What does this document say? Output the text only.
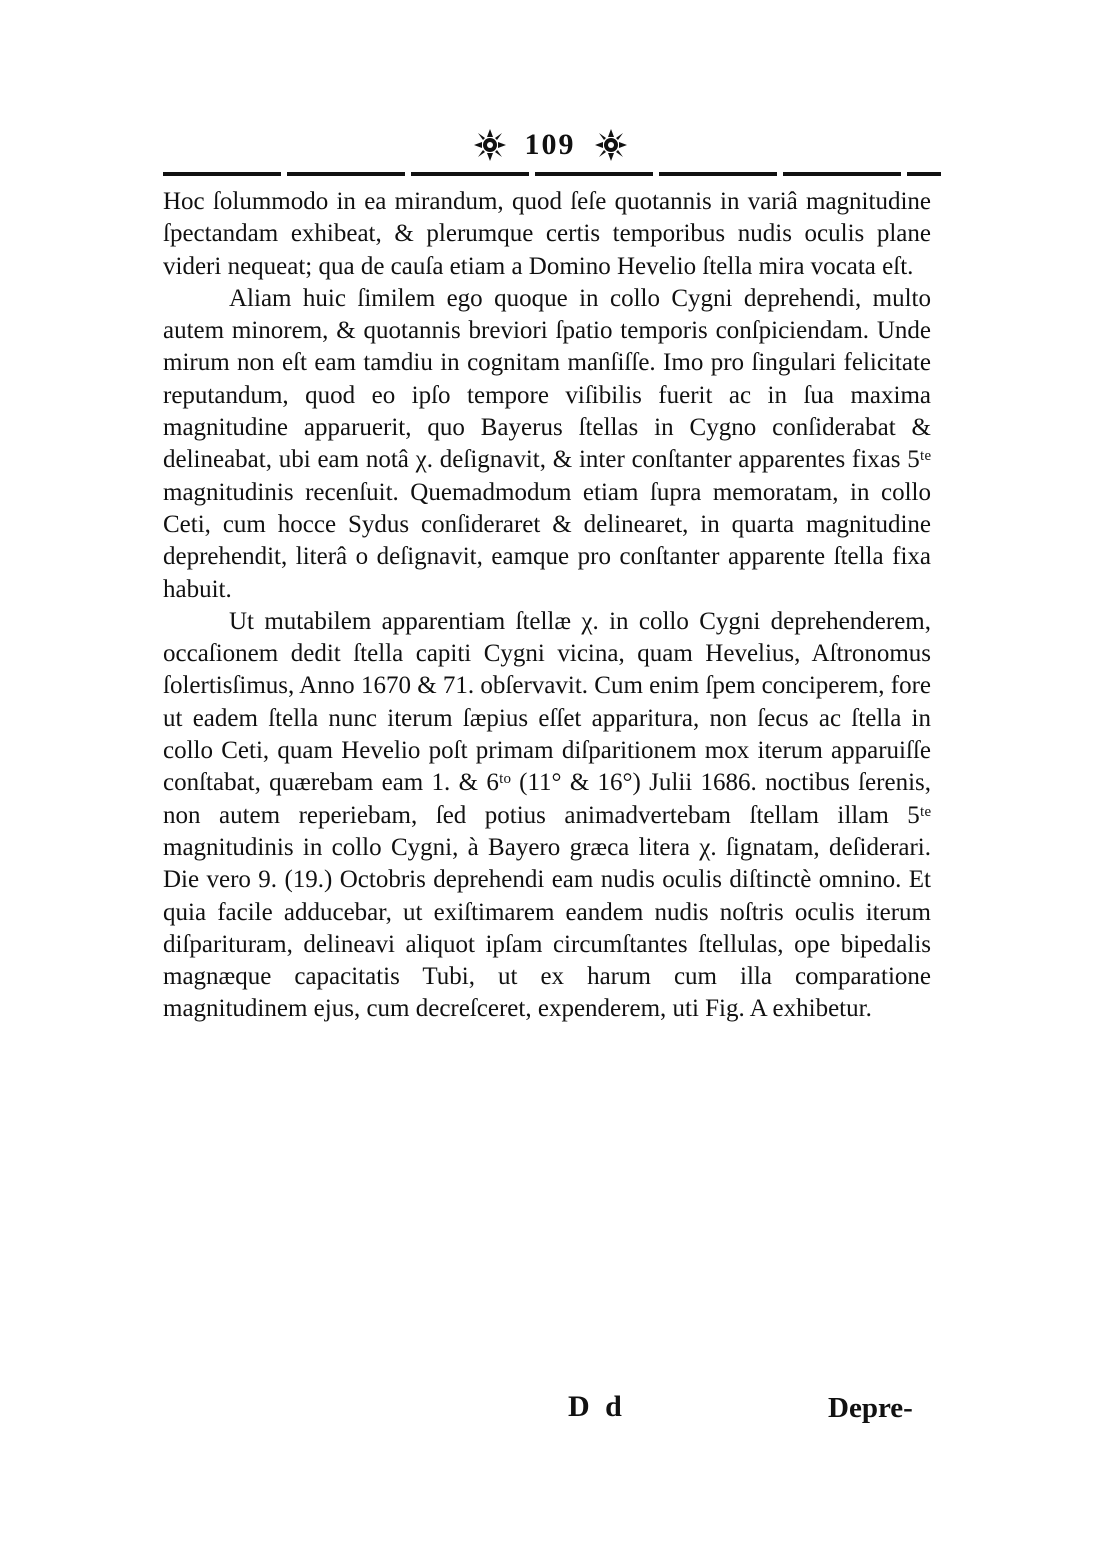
109

Hoc ſolummodo in ea mirandum, quod ſeſe quotannis in variâ magnitudine ſpectandam exhibeat, & plerumque certis temporibus nudis oculis plane videri nequeat; qua de cauſa etiam a Domino Hevelio ſtella mira vocata eſt.

Aliam huic ſimilem ego quoque in collo Cygni deprehendi, multo autem minorem, & quotannis breviori ſpatio temporis conſpiciendam. Unde mirum non eſt eam tamdiu in cognitam manſiſſe. Imo pro ſingulari felicitate reputandum, quod eo ipſo tempore viſibilis fuerit ac in ſua maxima magnitudine apparuerit, quo Bayerus ſtellas in Cygno conſiderabat & delineabat, ubi eam notâ χ. deſignavit, & inter conſtanter apparentes fixas 5ᵗᵉ magnitudinis recenſuit. Quemadmodum etiam ſupra memoratam, in collo Ceti, cum hocce Sydus conſideraret & delinearet, in quarta magnitudine deprehendit, literâ ο deſignavit, eamque pro conſtanter apparente ſtella fixa habuit.

Ut mutabilem apparentiam ſtellæ χ. in collo Cygni deprehenderem, occaſionem dedit ſtella capiti Cygni vicina, quam Hevelius, Aſtronomus ſolertisſimus, Anno 1670 & 71. obſervavit. Cum enim ſpem conciperem, fore ut eadem ſtella nunc iterum ſæpius eſſet apparitura, non ſecus ac ſtella in collo Ceti, quam Hevelio poſt primam diſparitionem mox iterum apparuiſſe conſtabat, quærebam eam 1. & 6ᵗᵒ (11° & 16°) Julii 1686. noctibus ſerenis, non autem reperiebam, ſed potius animadvertebam ſtellam illam 5ᵗᵉ magnitudinis in collo Cygni, à Bayero græca litera χ. ſignatam, deſiderari. Die vero 9. (19.) Octobris deprehendi eam nudis oculis diſtinctè omnino. Et quia facile adducebar, ut exiſtimarem eandem nudis noſtris oculis iterum diſparituram, delineavi aliquot ipſam circumſtantes ſtellulas, ope bipedalis magnæque capacitatis Tubi, ut ex harum cum illa comparatione magnitudinem ejus, cum decreſceret, expenderem, uti Fig. A exhibetur.

D d	Depre-
